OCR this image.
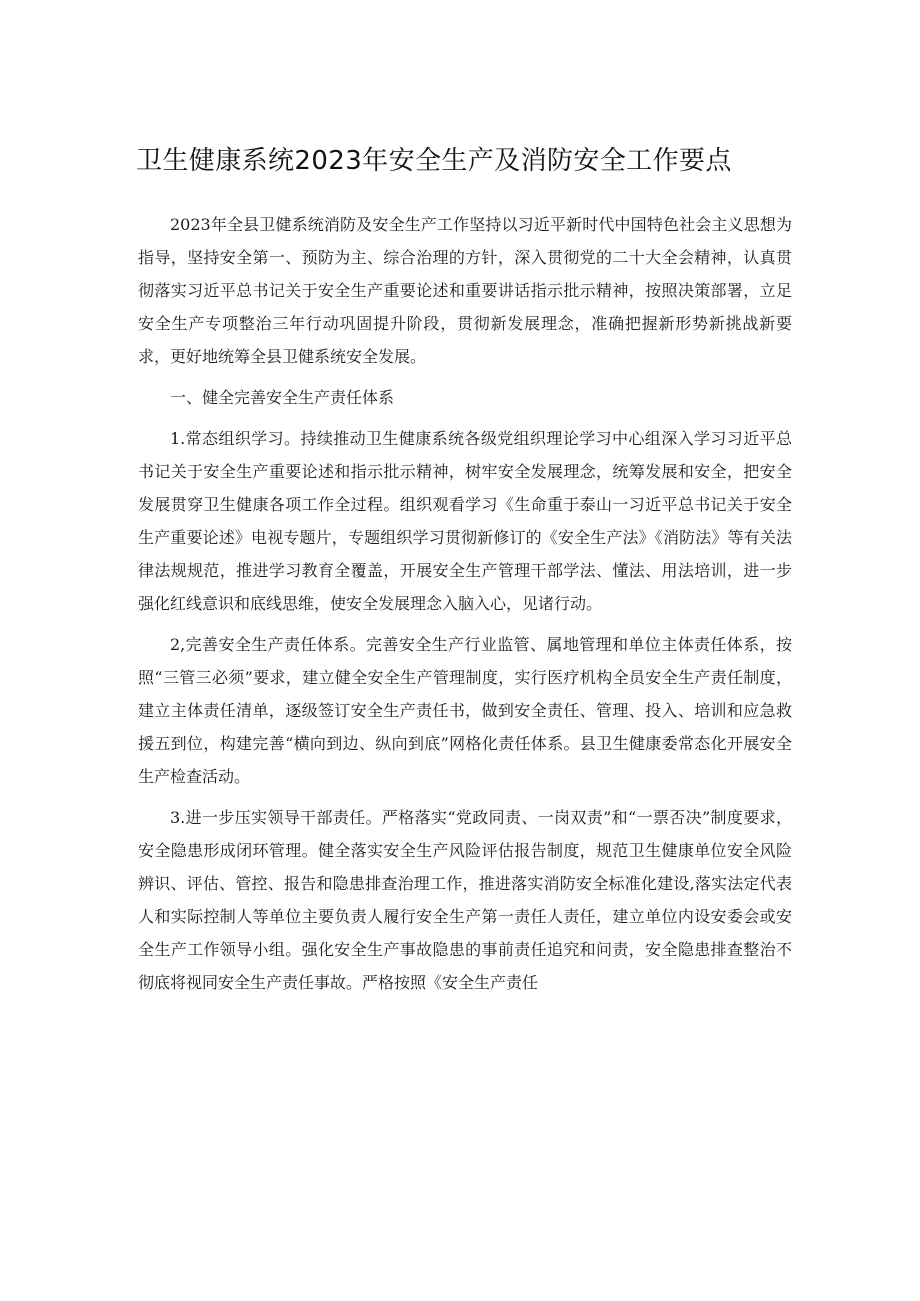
卫生健康系统2023年安全生产及消防安全工作要点

2023年全县卫健系统消防及安全生产工作坚持以习近平新时代中国特色社会主义思想为指导，坚持安全第一、预防为主、综合治理的方针，深入贯彻党的二十大全会精神，认真贯彻落实习近平总书记关于安全生产重要论述和重要讲话指示批示精神，按照决策部署，立足安全生产专项整治三年行动巩固提升阶段，贯彻新发展理念，准确把握新形势新挑战新要求，更好地统筹全县卫健系统安全发展。

一、健全完善安全生产责任体系

1.常态组织学习。持续推动卫生健康系统各级党组织理论学习中心组深入学习习近平总书记关于安全生产重要论述和指示批示精神，树牢安全发展理念，统筹发展和安全，把安全发展贯穿卫生健康各项工作全过程。组织观看学习《生命重于泰山一习近平总书记关于安全生产重要论述》电视专题片，专题组织学习贯彻新修订的《安全生产法》《消防法》等有关法律法规规范，推进学习教育全覆盖，开展安全生产管理干部学法、懂法、用法培训，进一步强化红线意识和底线思维，使安全发展理念入脑入心，见诸行动。

2,完善安全生产责任体系。完善安全生产行业监管、属地管理和单位主体责任体系，按照“三管三必须”要求，建立健全安全生产管理制度，实行医疗机构全员安全生产责任制度，建立主体责任清单，逐级签订安全生产责任书，做到安全责任、管理、投入、培训和应急救援五到位，构建完善“横向到边、纵向到底”网格化责任体系。县卫生健康委常态化开展安全生产检查活动。

3.进一步压实领导干部责任。严格落实“党政同责、一岗双责”和“一票否决”制度要求，安全隐患形成闭环管理。健全落实安全生产风险评估报告制度，规范卫生健康单位安全风险辨识、评估、管控、报告和隐患排查治理工作，推进落实消防安全标准化建设,落实法定代表人和实际控制人等单位主要负责人履行安全生产第一责任人责任，建立单位内设安委会或安全生产工作领导小组。强化安全生产事故隐患的事前责任追究和问责，安全隐患排查整治不彻底将视同安全生产责任事故。严格按照《安全生产责任
